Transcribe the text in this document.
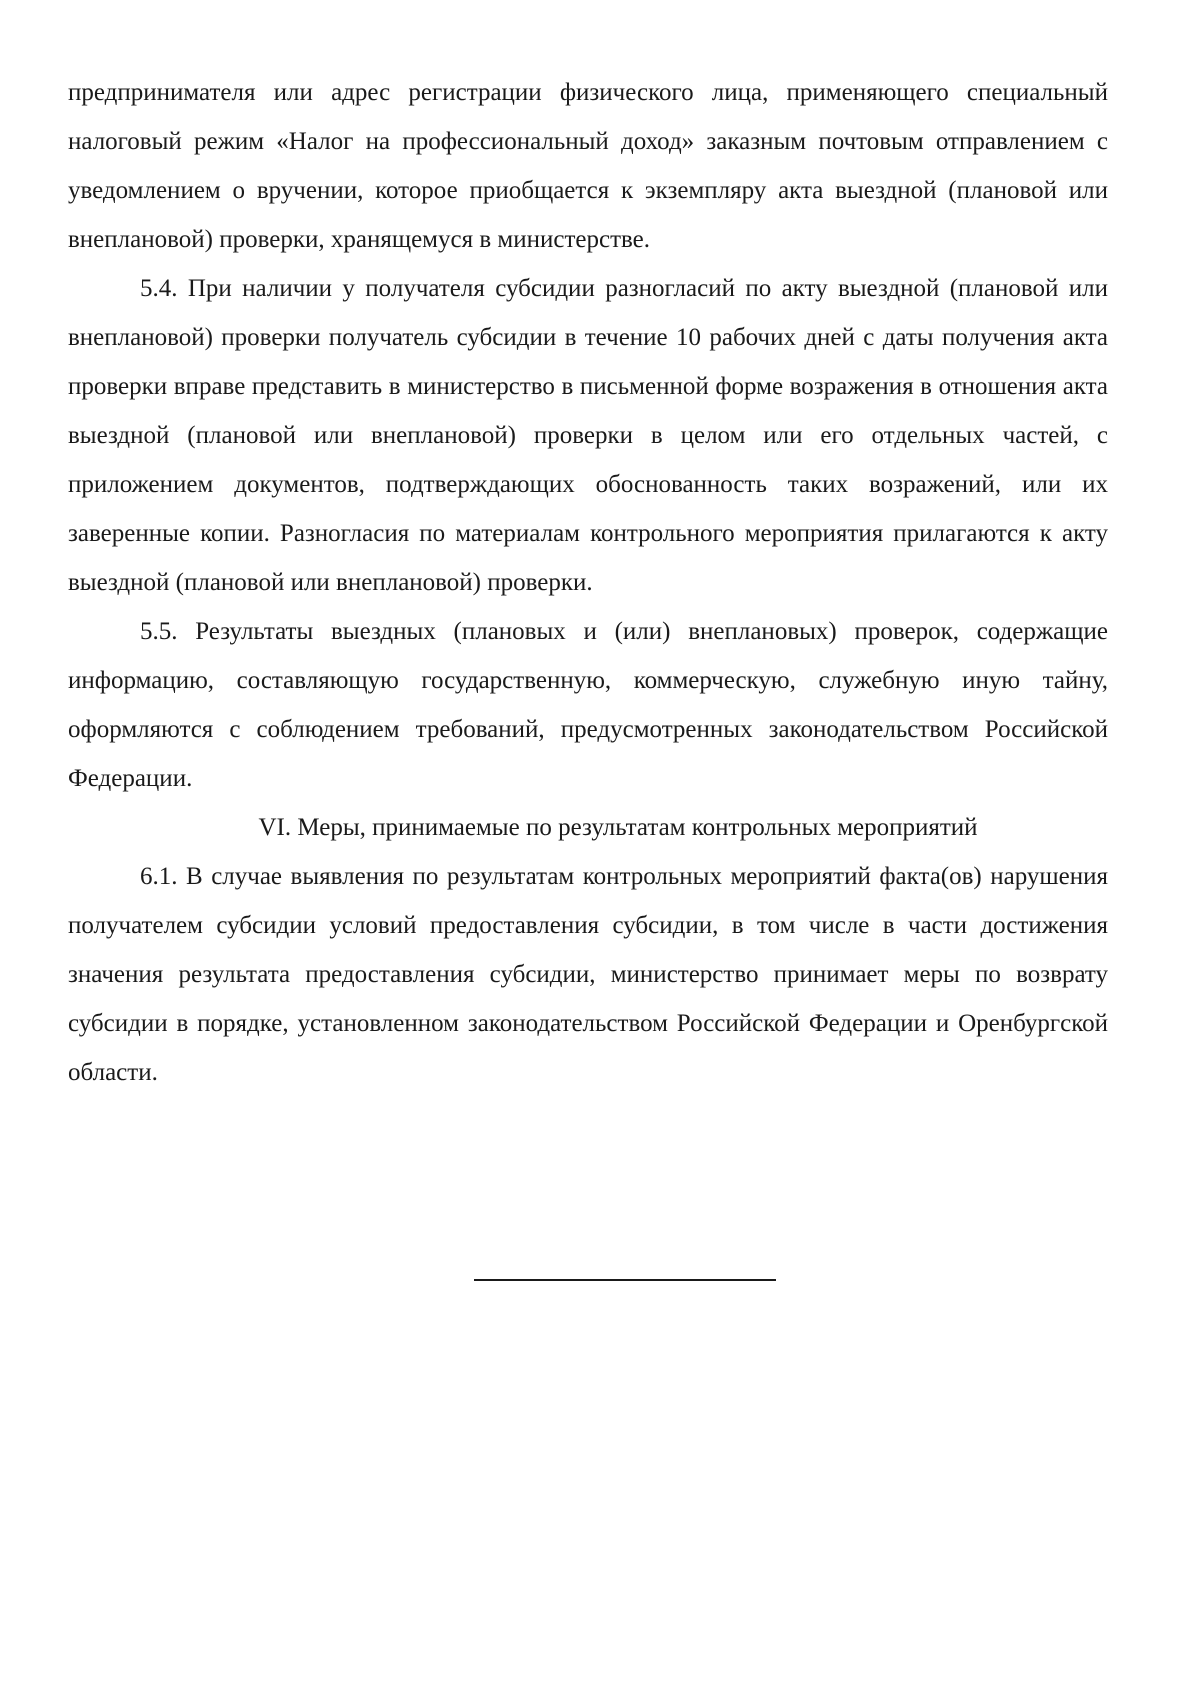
предпринимателя или адрес регистрации физического лица, применяющего специальный налоговый режим «Налог на профессиональный доход» заказным почтовым отправлением с уведомлением о вручении, которое приобщается к экземпляру акта выездной (плановой или внеплановой) проверки, хранящемуся в министерстве.

5.4. При наличии у получателя субсидии разногласий по акту выездной (плановой или внеплановой) проверки получатель субсидии в течение 10 рабочих дней с даты получения акта проверки вправе представить в министерство в письменной форме возражения в отношения акта выездной (плановой или внеплановой) проверки в целом или его отдельных частей, с приложением документов, подтверждающих обоснованность таких возражений, или их заверенные копии. Разногласия по материалам контрольного мероприятия прилагаются к акту выездной (плановой или внеплановой) проверки.

5.5. Результаты выездных (плановых и (или) внеплановых) проверок, содержащие информацию, составляющую государственную, коммерческую, служебную иную тайну, оформляются с соблюдением требований, предусмотренных законодательством Российской Федерации.

VI. Меры, принимаемые по результатам контрольных мероприятий

6.1. В случае выявления по результатам контрольных мероприятий факта(ов) нарушения получателем субсидии условий предоставления субсидии, в том числе в части достижения значения результата предоставления субсидии, министерство принимает меры по возврату субсидии в порядке, установленном законодательством Российской Федерации и Оренбургской области.
